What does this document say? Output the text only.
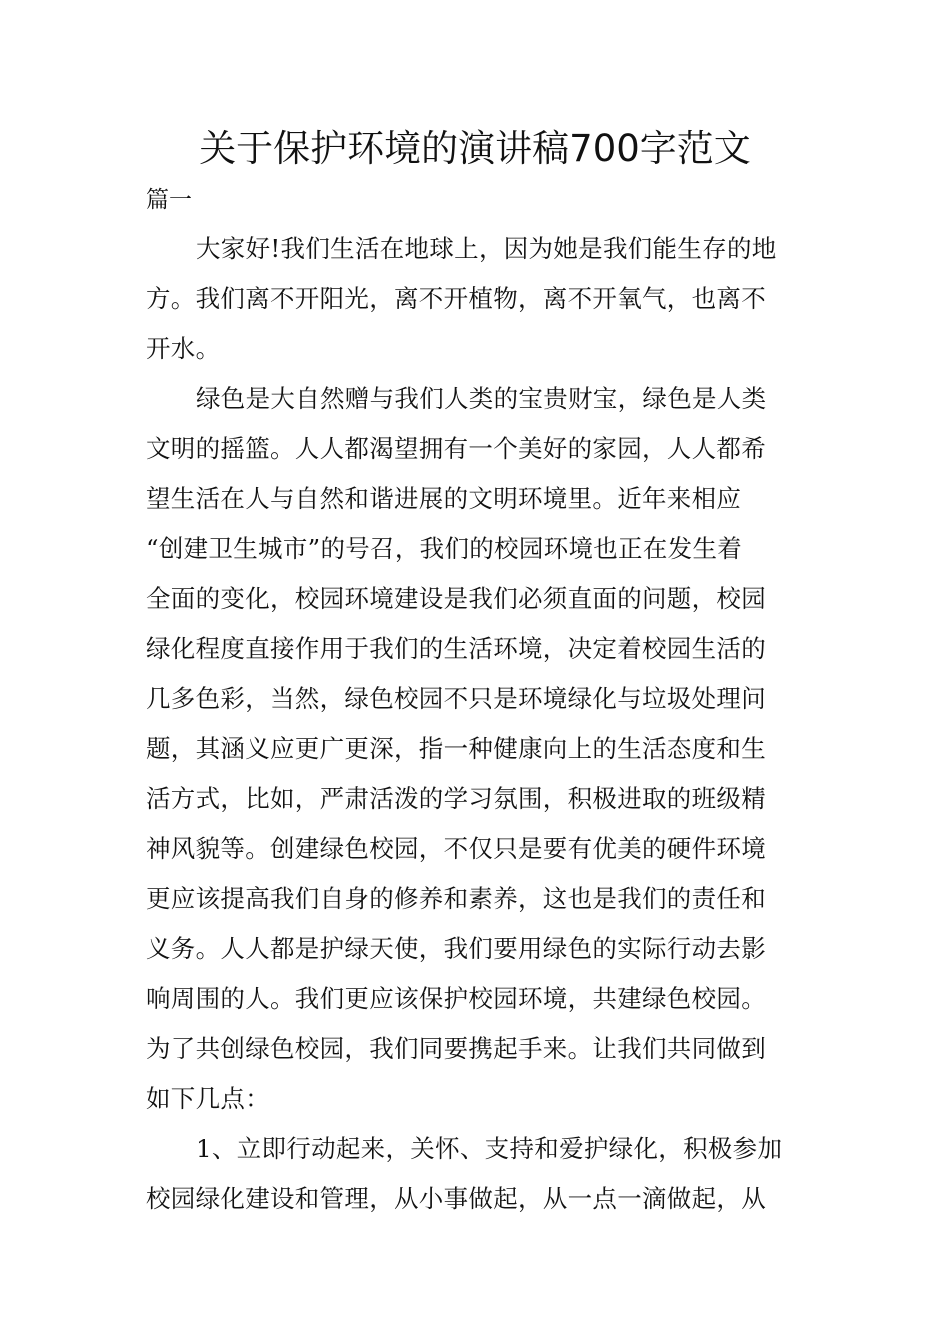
关于保护环境的演讲稿700字范文
篇一
大家好!我们生活在地球上，因为她是我们能生存的地
方。我们离不开阳光，离不开植物，离不开氧气，也离不
开水。
绿色是大自然赠与我们人类的宝贵财宝，绿色是人类
文明的摇篮。人人都渴望拥有一个美好的家园，人人都希
望生活在人与自然和谐进展的文明环境里。近年来相应
“创建卫生城市”的号召，我们的校园环境也正在发生着
全面的变化，校园环境建设是我们必须直面的问题，校园
绿化程度直接作用于我们的生活环境，决定着校园生活的
几多色彩，当然，绿色校园不只是环境绿化与垃圾处理问
题，其涵义应更广更深，指一种健康向上的生活态度和生
活方式，比如，严肃活泼的学习氛围，积极进取的班级精
神风貌等。创建绿色校园，不仅只是要有优美的硬件环境
更应该提高我们自身的修养和素养，这也是我们的责任和
义务。人人都是护绿天使，我们要用绿色的实际行动去影
响周围的人。我们更应该保护校园环境，共建绿色校园。
为了共创绿色校园，我们同要携起手来。让我们共同做到
如下几点：
1、立即行动起来，关怀、支持和爱护绿化，积极参加
校园绿化建设和管理，从小事做起，从一点一滴做起，从
